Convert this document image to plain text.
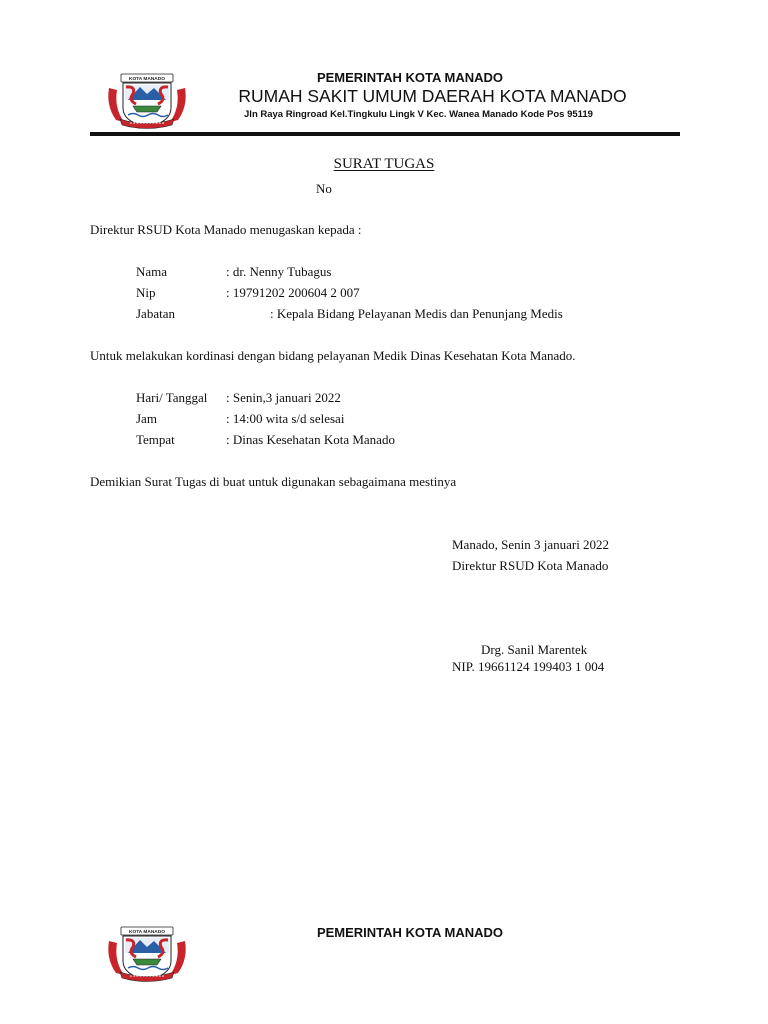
KOTA MANADO	PEMERINTAH KOTA MANADO
RUMAH SAKIT UMUM DAERAH KOTA MANADO
Jln Raya Ringroad Kel.Tingkulu Lingk V Kec. Wanea Manado Kode Pos 95119
SURAT TUGAS
No
Direktur RSUD Kota Manado menugaskan kepada :
Nama	: dr. Nenny Tubagus
Nip	: 19791202 200604 2 007
Jabatan	: Kepala Bidang Pelayanan Medis dan Penunjang Medis
Untuk melakukan kordinasi dengan bidang pelayanan Medik Dinas Kesehatan Kota Manado.
Hari/ Tanggal : Senin,3 januari 2022
Jam	: 14:00 wita s/d selesai
Tempat	: Dinas Kesehatan Kota Manado
Demikian Surat Tugas di buat untuk digunakan sebagaimana mestinya
Manado, Senin 3 januari 2022
Direktur RSUD Kota Manado
Drg. Sanil Marentek
NIP. 19661124 199403 1 004
KOTA MANADO	PEMERINTAH KOTA MANADO
